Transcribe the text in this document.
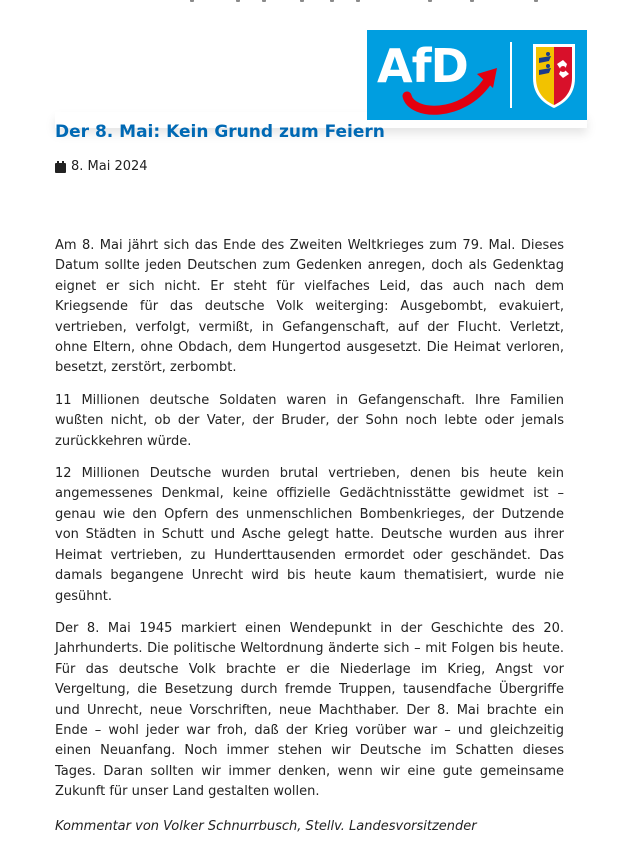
AfD
Der 8. Mai: Kein Grund zum Feiern
8. Mai 2024

Am 8. Mai jährt sich das Ende des Zweiten Weltkrieges zum 79. Mal. Dieses Datum sollte jeden Deutschen zum Gedenken anregen, doch als Gedenktag eignet er sich nicht. Er steht für vielfaches Leid, das auch nach dem Kriegsende für das deutsche Volk weiterging: Ausgebombt, evakuiert, vertrieben, verfolgt, vermißt, in Gefangenschaft, auf der Flucht. Verletzt, ohne Eltern, ohne Obdach, dem Hungertod ausgesetzt. Die Heimat verloren, besetzt, zerstört, zerbombt.

11 Millionen deutsche Soldaten waren in Gefangenschaft. Ihre Familien wußten nicht, ob der Vater, der Bruder, der Sohn noch lebte oder jemals zurückkehren würde.

12 Millionen Deutsche wurden brutal vertrieben, denen bis heute kein angemessenes Denkmal, keine offizielle Gedächtnisstätte gewidmet ist – genau wie den Opfern des unmenschlichen Bombenkrieges, der Dutzende von Städten in Schutt und Asche gelegt hatte. Deutsche wurden aus ihrer Heimat vertrieben, zu Hunderttausenden ermordet oder geschändet. Das damals begangene Unrecht wird bis heute kaum thematisiert, wurde nie gesühnt.

Der 8. Mai 1945 markiert einen Wendepunkt in der Geschichte des 20. Jahrhunderts. Die politische Weltordnung änderte sich – mit Folgen bis heute. Für das deutsche Volk brachte er die Niederlage im Krieg, Angst vor Vergeltung, die Besetzung durch fremde Truppen, tausendfache Übergriffe und Unrecht, neue Vorschriften, neue Machthaber. Der 8. Mai brachte ein Ende – wohl jeder war froh, daß der Krieg vorüber war – und gleichzeitig einen Neuanfang. Noch immer stehen wir Deutsche im Schatten dieses Tages. Daran sollten wir immer denken, wenn wir eine gute gemeinsame Zukunft für unser Land gestalten wollen.

Kommentar von Volker Schnurrbusch, Stellv. Landesvorsitzender
